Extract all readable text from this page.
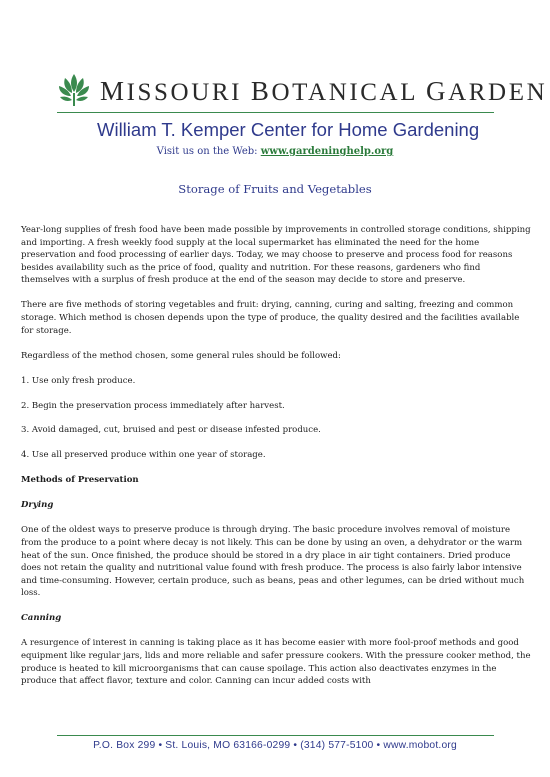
MISSOURI BOTANICAL GARDEN
William T. Kemper Center for Home Gardening
Visit us on the Web: www.gardeninghelp.org
Storage of Fruits and Vegetables

Year-long supplies of fresh food have been made possible by improvements in controlled storage conditions, shipping and importing. A fresh weekly food supply at the local supermarket has eliminated the need for the home preservation and food processing of earlier days. Today, we may choose to preserve and process food for reasons besides availability such as the price of food, quality and nutrition. For these reasons, gardeners who find themselves with a surplus of fresh produce at the end of the season may decide to store and preserve.

There are five methods of storing vegetables and fruit: drying, canning, curing and salting, freezing and common storage. Which method is chosen depends upon the type of produce, the quality desired and the facilities available for storage.

Regardless of the method chosen, some general rules should be followed:

1. Use only fresh produce.

2. Begin the preservation process immediately after harvest.

3. Avoid damaged, cut, bruised and pest or disease infested produce.

4. Use all preserved produce within one year of storage.

Methods of Preservation

Drying

One of the oldest ways to preserve produce is through drying. The basic procedure involves removal of moisture from the produce to a point where decay is not likely. This can be done by using an oven, a dehydrator or the warm heat of the sun. Once finished, the produce should be stored in a dry place in air tight containers. Dried produce does not retain the quality and nutritional value found with fresh produce. The process is also fairly labor intensive and time-consuming. However, certain produce, such as beans, peas and other legumes, can be dried without much loss.

Canning

A resurgence of interest in canning is taking place as it has become easier with more fool-proof methods and good equipment like regular jars, lids and more reliable and safer pressure cookers. With the pressure cooker method, the produce is heated to kill microorganisms that can cause spoilage. This action also deactivates enzymes in the produce that affect flavor, texture and color. Canning can incur added costs with

P.O. Box 299 • St. Louis, MO 63166-0299 • (314) 577-5100 • www.mobot.org
